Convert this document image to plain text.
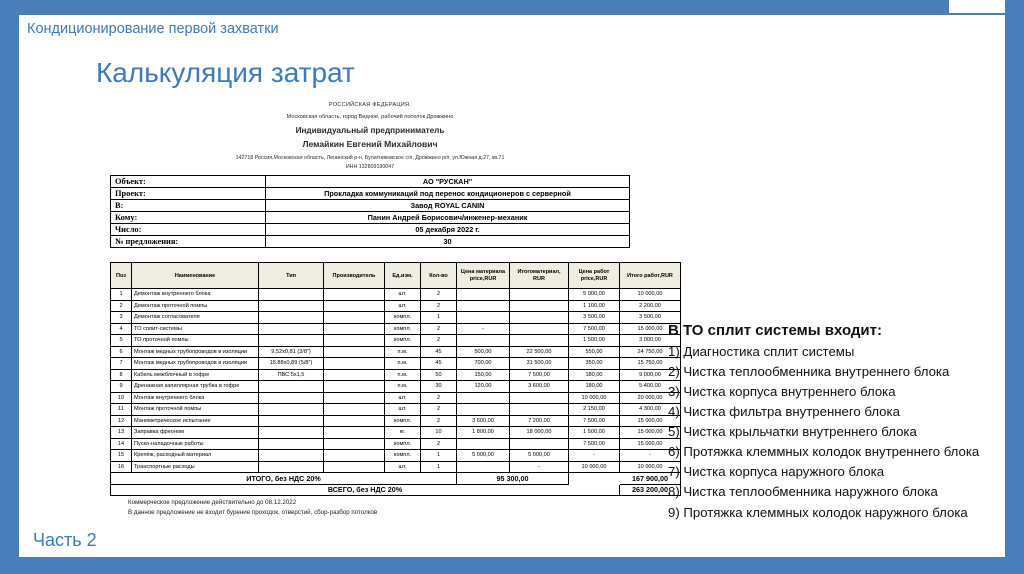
Кондиционирование первой захватки
Калькуляция затрат
Часть 2
РОССИЙСКАЯ ФЕДЕРАЦИЯ.
Московская область, город Видное, рабочий поселок Дрожжино
Индивидуальный предприниматель
Лемайкин Евгений Михайлович
142718 Россия,Московская область, Ленинский р-н, Булатниковское с/п, Дрожжино р/п, ул.Южная д.27, кв.71
ИНН 132809190047
Объект:	АО "РУСКАН"
Проект:	Прокладка коммуникаций под перенос кондиционеров с серверной
В:	Завод ROYAL CANIN
Кому:	Панин Андрей Борисович/инженер-механик
Число:	05 декабря 2022 г.
№ предложения:	30
Поз	Наименование	Тип	Производитель	Ед.изм.	Кол-во	Цена материала price,RUR	Итогоматериал, RUR	Цена работ price,RUR	Итого работ,RUR
1	Демонтаж внутреннего блока			шт.	2			5 000,00	10 000,00
2	Демонтаж проточной помпы			шт.	2			1 100,00	2 200,00
3	Демонтаж согласователя			компл.	1			3 500,00	3 500,00
4	ТО сплит-системы			компл.	2	-		7 500,00	15 000,00
5	ТО проточной помпы			компл.	2			1 500,00	3 000,00
6	Монтаж медных трубопроводов в изоляции	9,52х0,81 (3/8")		п.м.	45	500,00	22 500,00	550,00	24 750,00
7	Монтаж медных трубопроводов в изоляции	15.88х0,89 (5/8")		п.м.	45	700,00	31 500,00	350,00	15 750,00
8	Кабель межблочный в гофре	ПВС 5х1,5		п.м.	50	150,00	7 500,00	180,00	9 000,00
9	Дренажная капиллярная трубка в гофре			п.м.	30	120,00	3 600,00	180,00	5 400,00
10	Монтаж внутреннего блока			шт.	2			10 000,00	20 000,00
11	Монтаж проточной помпы			шт.	2			2 150,00	4 300,00
12	Манометрическое испытание			компл.	2	3 600,00	7 200,00	7 500,00	15 000,00
13	Заправка фреоном			кг.	10	1 800,00	18 000,00	1 500,00	15 000,00
14	Пуско-наладочные работы			компл.	2			7 500,00	15 000,00
15	Крепёж, расходный материал			компл.	1	5 000,00	5 000,00	-	-
16	Транспортные расходы			шт.	1		-	10 000,00	10 000,00
ИТОГО, без НДС 20%						95 300,00			167 900,00
ВСЕГО, без НДС 20%									263 200,00
Коммерческое предложение действительно до 08.12.2022
В данное предложение не входит бурение проходок, отверстий, сбор-разбор потолков
В ТО сплит системы входит:
1) Диагностика сплит системы
2) Чистка теплообменника внутреннего блока
3) Чистка корпуса внутреннего блока
4) Чистка фильтра внутреннего блока
5) Чистка крыльчатки внутреннего блока
6) Протяжка клеммных колодок внутреннего блока
7) Чистка корпуса наружного блока
8) Чистка теплообменника наружного блока
9) Протяжка клеммных колодок наружного блока
